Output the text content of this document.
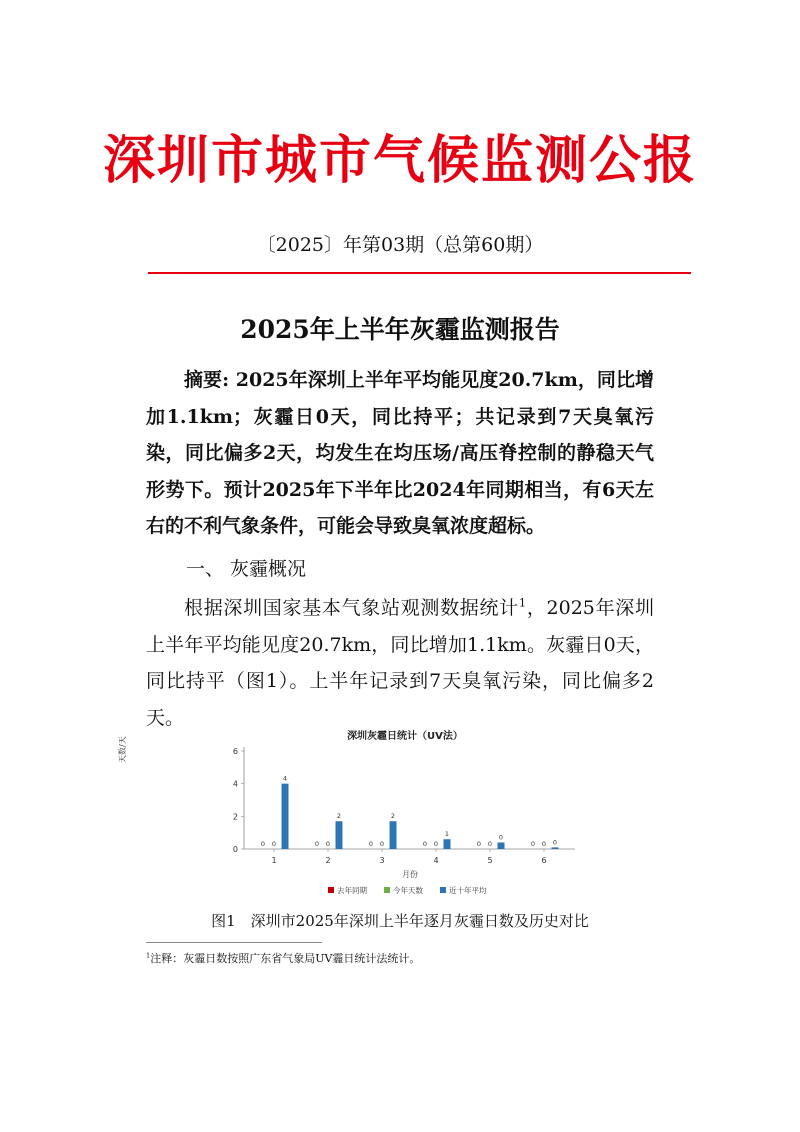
深圳市城市气候监测公报
〔2025〕年第03期（总第60期）
2025年上半年灰霾监测报告
摘要: 2025年深圳上半年平均能见度20.7km，同比增加1.1km；灰霾日0天，同比持平；共记录到7天臭氧污染，同比偏多2天，均发生在均压场/高压脊控制的静稳天气形势下。预计2025年下半年比2024年同期相当，有6天左右的不利气象条件，可能会导致臭氧浓度超标。
一、 灰霾概况
根据深圳国家基本气象站观测数据统计$^1$，2025年深圳上半年平均能见度20.7km，同比增加1.1km。灰霾日0天，同比持平（图1）。上半年记录到7天臭氧污染，同比偏多2天。
深圳灰霾日统计（UV法）
天数/天
月份
0
2
4
6
1	2	3	4	5	6
0 0
4
0 0
2
0 0
2
0 0
1
0 0
0
0 0 0
去年同期	今年天数	近十年平均
图1　深圳市2025年深圳上半年逐月灰霾日数及历史对比
$^1$注释：灰霾日数按照广东省气象局UV霾日统计法统计。
